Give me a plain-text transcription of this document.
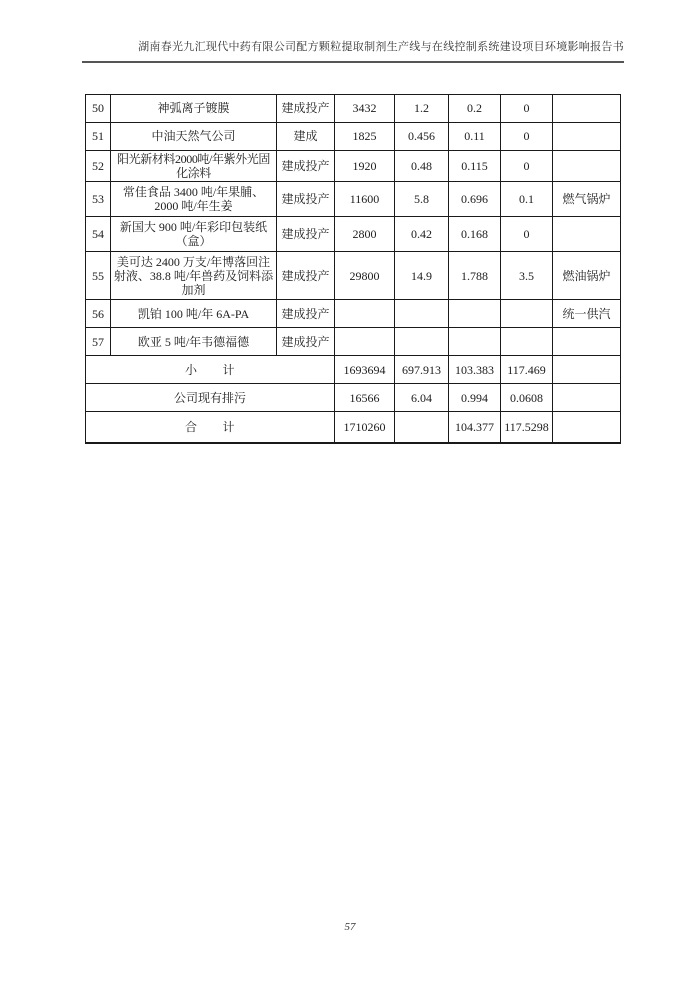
湖南春光九汇现代中药有限公司配方颗粒提取制剂生产线与在线控制系统建设项目环境影响报告书
50	神弧离子镀膜	建成投产	3432	1.2	0.2	0	
51	中油天然气公司	建成	1825	0.456	0.11	0	
52	阳光新材料2000吨/年紫外光固化涂料	建成投产	1920	0.48	0.115	0	
53	常佳食品 3400 吨/年果脯、2000 吨/年生姜	建成投产	11600	5.8	0.696	0.1	燃气锅炉
54	新国大 900 吨/年彩印包装纸（盒）	建成投产	2800	0.42	0.168	0	
55	美可达 2400 万支/年博落回注射液、38.8 吨/年兽药及饲料添加剂	建成投产	29800	14.9	1.788	3.5	燃油锅炉
56	凯铂 100 吨/年 6A-PA	建成投产					统一供汽
57	欧亚 5 吨/年韦德福德	建成投产					
小　　计			1693694	697.913	103.383	117.469	
公司现有排污			16566	6.04	0.994	0.0608	
合　　计			1710260		104.377	117.5298	
57
